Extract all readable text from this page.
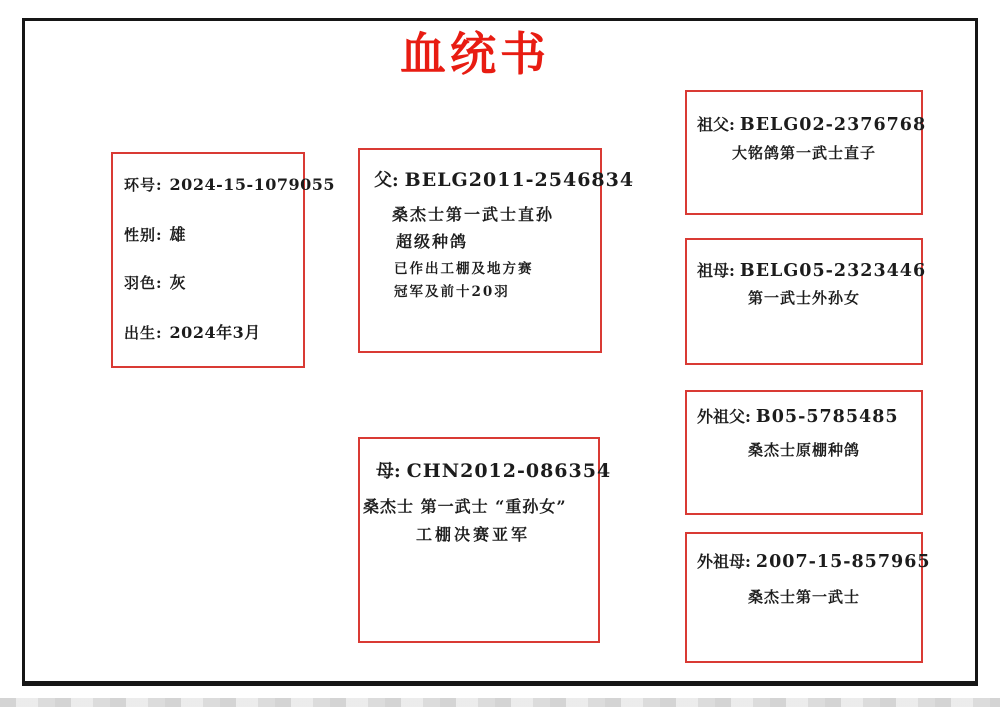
血统书
环号: 2024-15-1079055
性别: 雄
羽色: 灰
出生: 2024年3月
父: BELG2011-2546834
桑杰士第一武士直孙
超级种鸽
已作出工棚及地方赛
冠军及前十20羽
母: CHN2012-086354
桑杰士 第一武士 “重孙女”
工棚决赛亚军
祖父: BELG02-2376768
大铭鸽第一武士直子
祖母: BELG05-2323446
第一武士外孙女
外祖父: B05-5785485
桑杰士原棚种鸽
外祖母: 2007-15-857965
桑杰士第一武士
